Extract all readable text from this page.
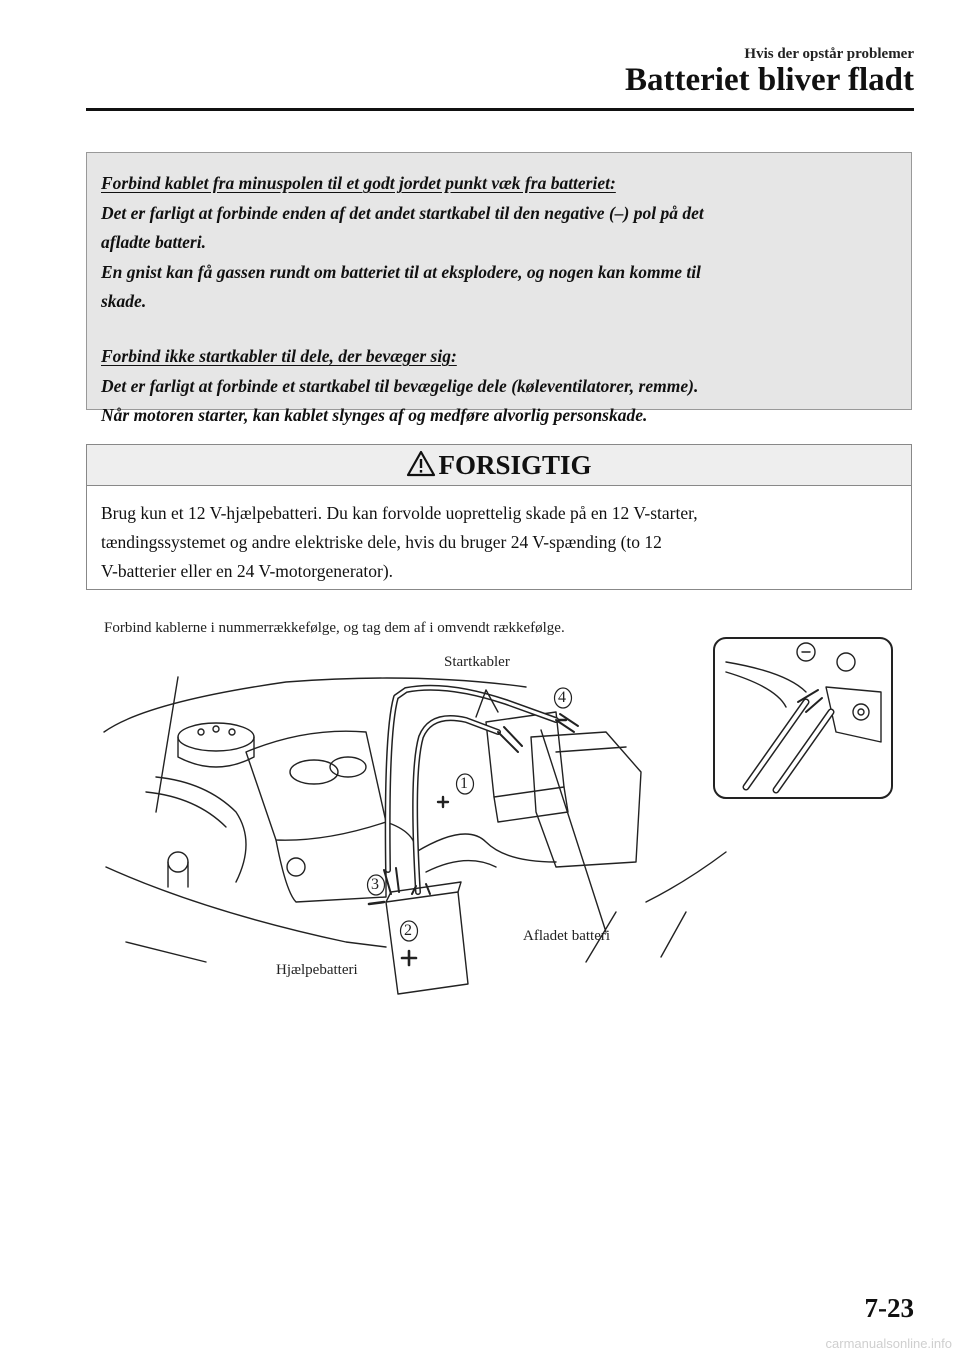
Hvis der opstår problemer
Batteriet bliver fladt

Forbind kablet fra minuspolen til et godt jordet punkt væk fra batteriet:

Det er farligt at forbinde enden af det andet startkabel til den negative (–) pol på det

afladte batteri.

En gnist kan få gassen rundt om batteriet til at eksplodere, og nogen kan komme til

skade.

Forbind ikke startkabler til dele, der bevæger sig:

Det er farligt at forbinde et startkabel til bevægelige dele (køleventilatorer, remme).

Når motoren starter, kan kablet slynges af og medføre alvorlig personskade.

FORSIGTIG

Brug kun et 12 V-hjælpebatteri. Du kan forvolde uoprettelig skade på en 12 V-starter,

tændingssystemet og andre elektriske dele, hvis du bruger 24 V-spænding (to 12

V-batterier eller en 24 V-motorgenerator).

1
2
3
4
Forbind kablerne i nummerrækkefølge, og tag dem af i omvendt rækkefølge.
Startkabler
Afladet batteri
Hjælpebatteri
7-23
carmanualsonline.info
